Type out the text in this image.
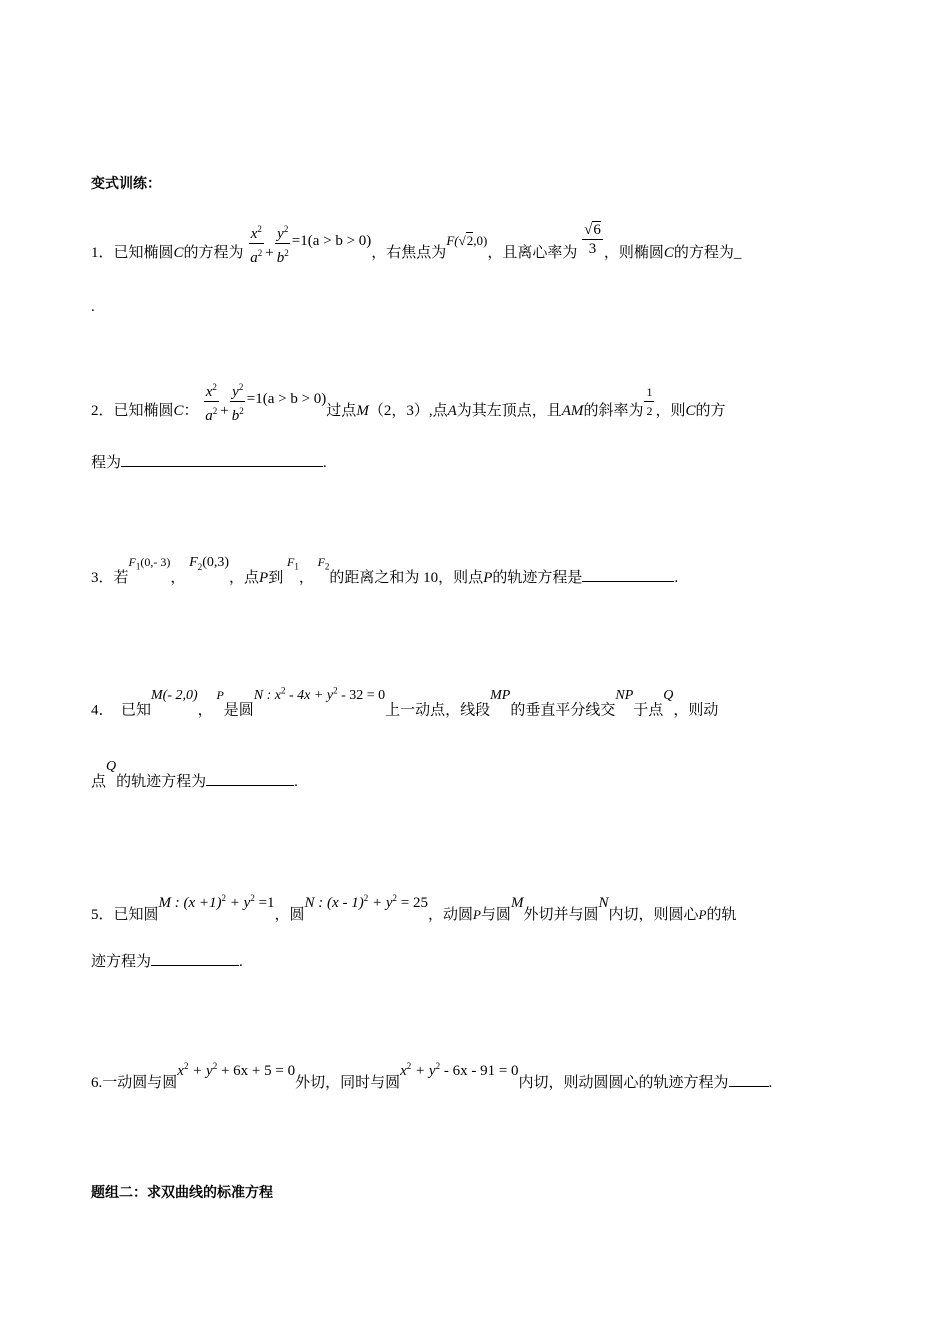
变式训练：
1．已知椭圆C的方程为 $\frac{x^2}{a^2} + \frac{y^2}{b^2} =1(a > b > 0)$，右焦点为F(√2,0)，且离心率为 $\frac{√6}{3}$ ，则椭圆C的方程为_
.
2．已知椭圆C： $\frac{x^2}{a^2} + \frac{y^2}{b^2} =1(a > b > 0)$过点M（2，3）,点A为其左顶点，且AM的斜率为 $\frac{1}{2}$ ，则C的方
程为	.
3．若$^{F_1(0,- 3)}$， $F_2(0,3)$，点P到 $^{F_1}$， $^{F_2}$的距离之和为 10，则点P的轨迹方程是	.
4．　已知M(- 2,0)， $^P$是圆N : $x^2 - 4x + y^2 - 32 = 0$上一动点，线段MP的垂直平分线交NP于点Q，则动
点Q的轨迹方程为	.
5．已知圆M : $(x +1)^2 + y^2 =1$，圆N : $(x - 1)^2 + y^2 = 25$，动圆P与圆M外切并与圆N内切，则圆心P的轨
迹方程为	.
6.一动圆与圆$x^2 + y^2 + 6x + 5 = 0$外切，同时与圆$x^2 + y^2 - 6x - 91 = 0$内切，则动圆圆心的轨迹方程为	.
题组二：求双曲线的标准方程
